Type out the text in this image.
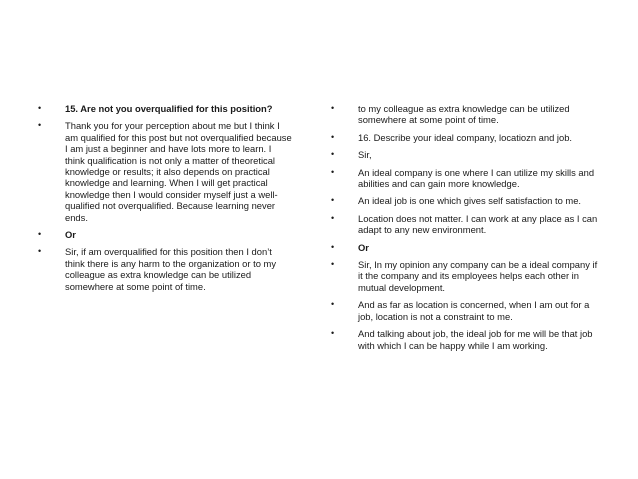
•	15. Are not you overqualified for this position?
•	Thank you for your perception about me but I think I am qualified for this post but not overqualified because I am just a beginner and have lots more to learn. I think qualification is not only a matter of theoretical knowledge or results; it also depends on practical knowledge and learning. When I will get practical knowledge then I would consider myself just a well-qualified not overqualified. Because learning never ends.
•	Or
•	Sir, if am overqualified for this position then I don’t think there is any harm to the organization or to my colleague as extra knowledge can be utilized somewhere at some point of time.
•	to my colleague as extra knowledge can be utilized somewhere at some point of time.
•	16. Describe your ideal company, locatiozn and job.
•	Sir,
•	An ideal company is one where I can utilize my skills and abilities and can gain more knowledge.
•	An ideal job is one which gives self satisfaction to me.
•	Location does not matter. I can work at any place as I can adapt to any new environment.
•	Or
•	Sir, In my opinion any company can be a ideal company if it the company and its employees helps each other in mutual development.
•	And as far as location is concerned, when I am out for a job, location is not a constraint to me.
•	And talking about job, the ideal job for me will be that job with which I can be happy while I am working.
